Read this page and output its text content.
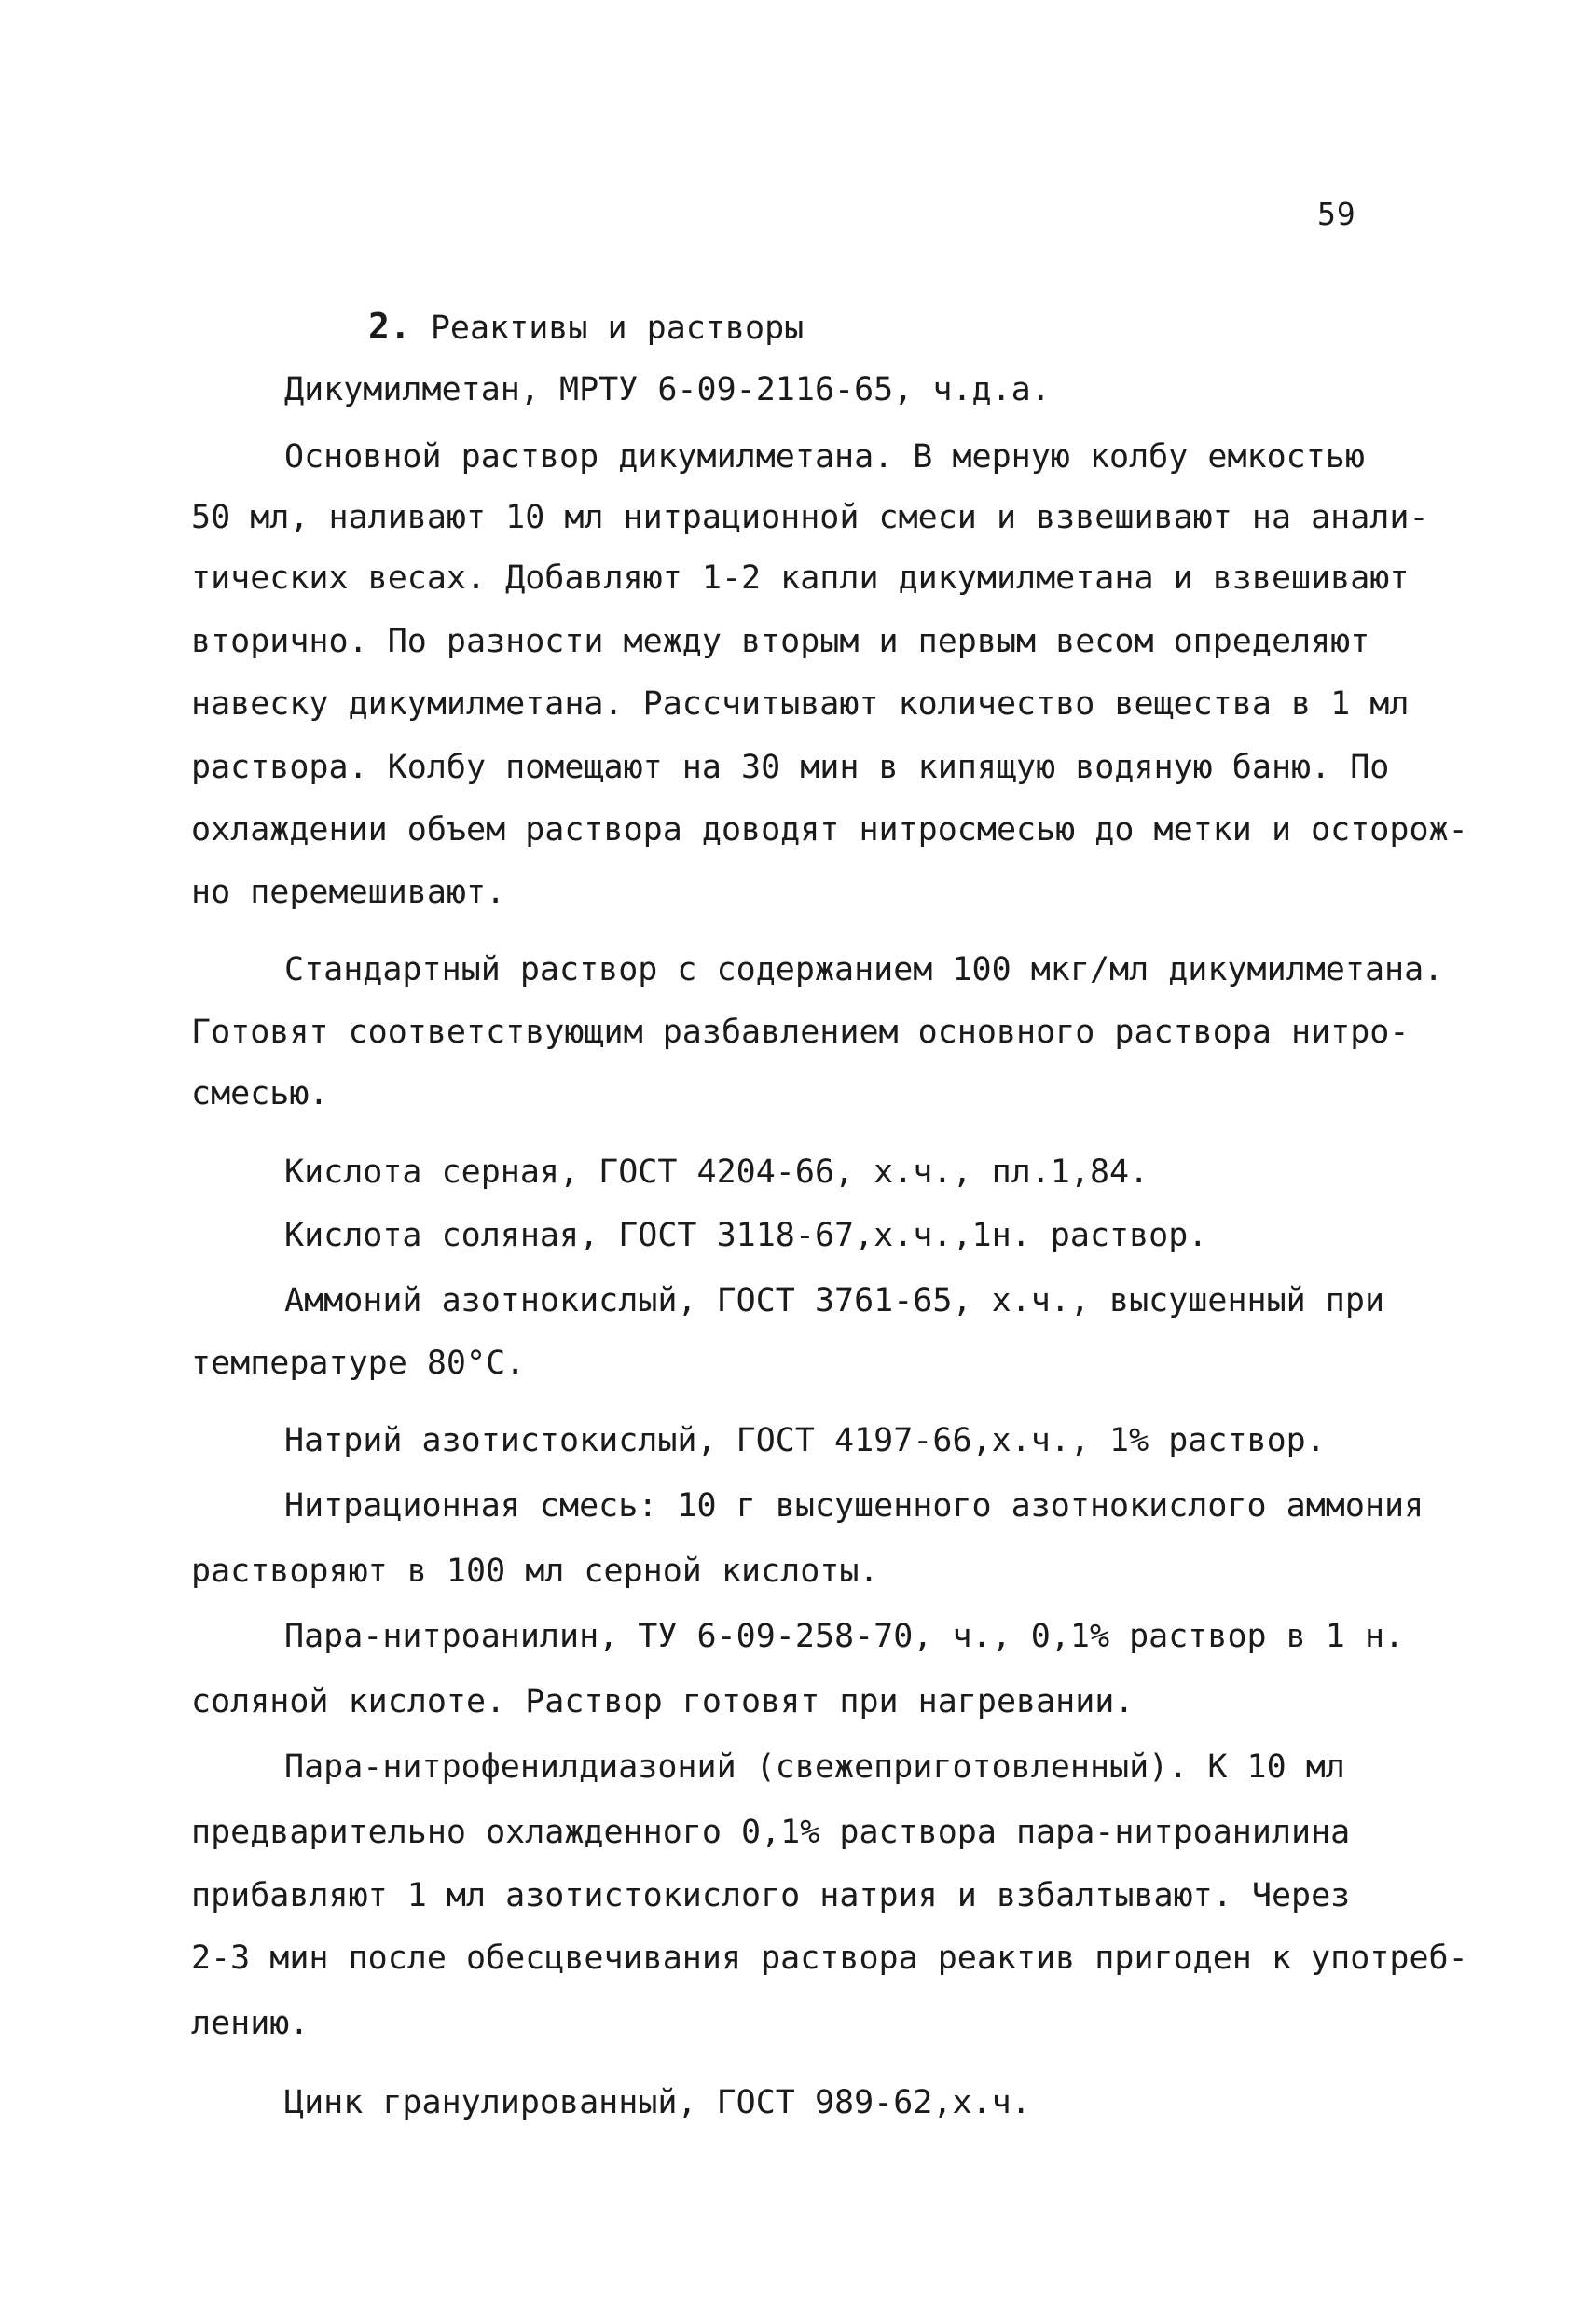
59
2. Реактивы и растворы
Дикумилметан, МРТУ 6-09-2116-65, ч.д.а.
Основной раствор дикумилметана. В мерную колбу емкостью
50 мл, наливают 10 мл нитрационной смеси и взвешивают на анали-
тических весах. Добавляют 1-2 капли дикумилметана и взвешивают
вторично. По разности между вторым и первым весом определяют
навеску дикумилметана. Рассчитывают количество вещества в 1 мл
раствора. Колбу помещают на 30 мин в кипящую водяную баню. По
охлаждении объем раствора доводят нитросмесью до метки и осторож-
но перемешивают.
Стандартный раствор с содержанием 100 мкг/мл дикумилметана.
Готовят соответствующим разбавлением основного раствора нитро-
смесью.
Кислота серная, ГОСТ 4204-66, х.ч., пл.1,84.
Кислота соляная, ГОСТ 3118-67,х.ч.,1н. раствор.
Аммоний азотнокислый, ГОСТ 3761-65, х.ч., высушенный при
температуре 80°С.
Натрий азотистокислый, ГОСТ 4197-66,х.ч., 1% раствор.
Нитрационная смесь: 10 г высушенного азотнокислого аммония
растворяют в 100 мл серной кислоты.
Пара-нитроанилин, ТУ 6-09-258-70, ч., 0,1% раствор в 1 н.
соляной кислоте. Раствор готовят при нагревании.
Пара-нитрофенилдиазоний (свежеприготовленный). К 10 мл
предварительно охлажденного 0,1% раствора пара-нитроанилина
прибавляют 1 мл азотистокислого натрия и взбалтывают. Через
2-3 мин после обесцвечивания раствора реактив пригоден к употреб-
лению.
Цинк гранулированный, ГОСТ 989-62,х.ч.
